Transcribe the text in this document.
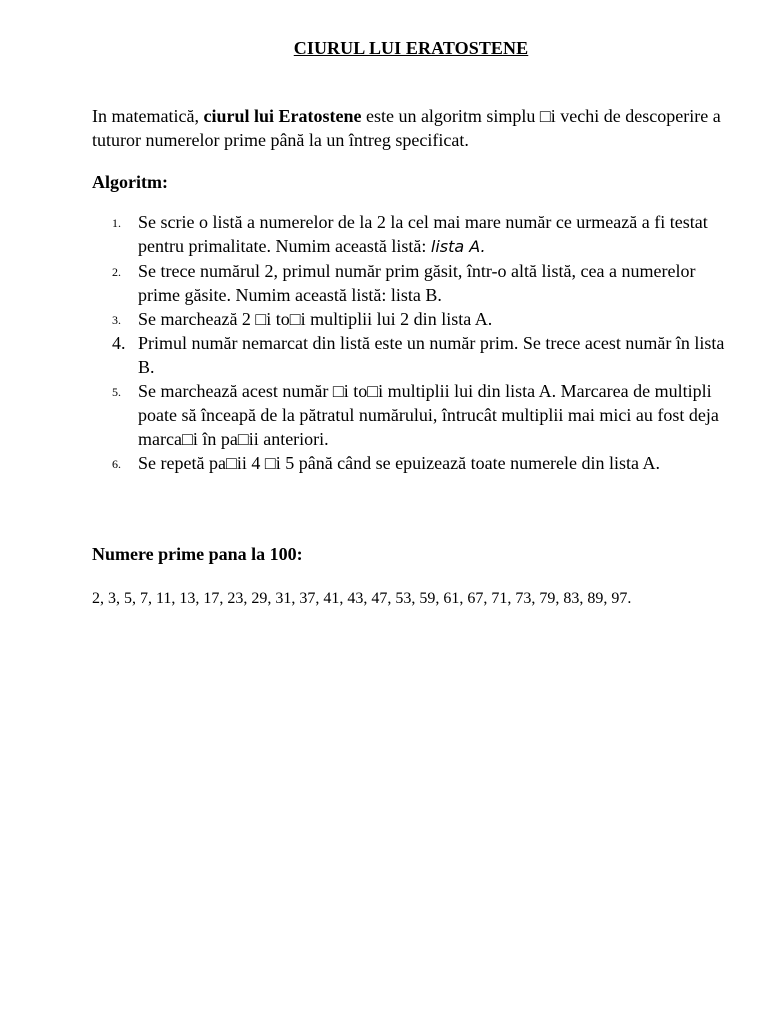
CIURUL LUI ERATOSTENE
In matematică, ciurul lui Eratostene este un algoritm simplu □i vechi de descoperire a tuturor numerelor prime până la un întreg specificat.
Algoritm:
1. Se scrie o listă a numerelor de la 2 la cel mai mare număr ce urmează a fi testat pentru primalitate. Numim această listă: lista A.
2. Se trece numărul 2, primul număr prim găsit, într-o altă listă, cea a numerelor prime găsite. Numim această listă: lista B.
3. Se marchează 2 □i to□i multiplii lui 2 din lista A.
4. Primul număr nemarcat din listă este un număr prim. Se trece acest număr în lista B.
5. Se marchează acest număr □i to□i multiplii lui din lista A. Marcarea de multipli poate să înceapă de la pătratul numărului, întrucât multiplii mai mici au fost deja marca□i în pa□ii anteriori.
6. Se repetă pa□ii 4 □i 5 până când se epuizează toate numerele din lista A.
Numere prime pana la 100:
2, 3, 5, 7, 11, 13, 17, 23, 29, 31, 37, 41, 43, 47, 53, 59, 61, 67, 71, 73, 79, 83, 89, 97.
